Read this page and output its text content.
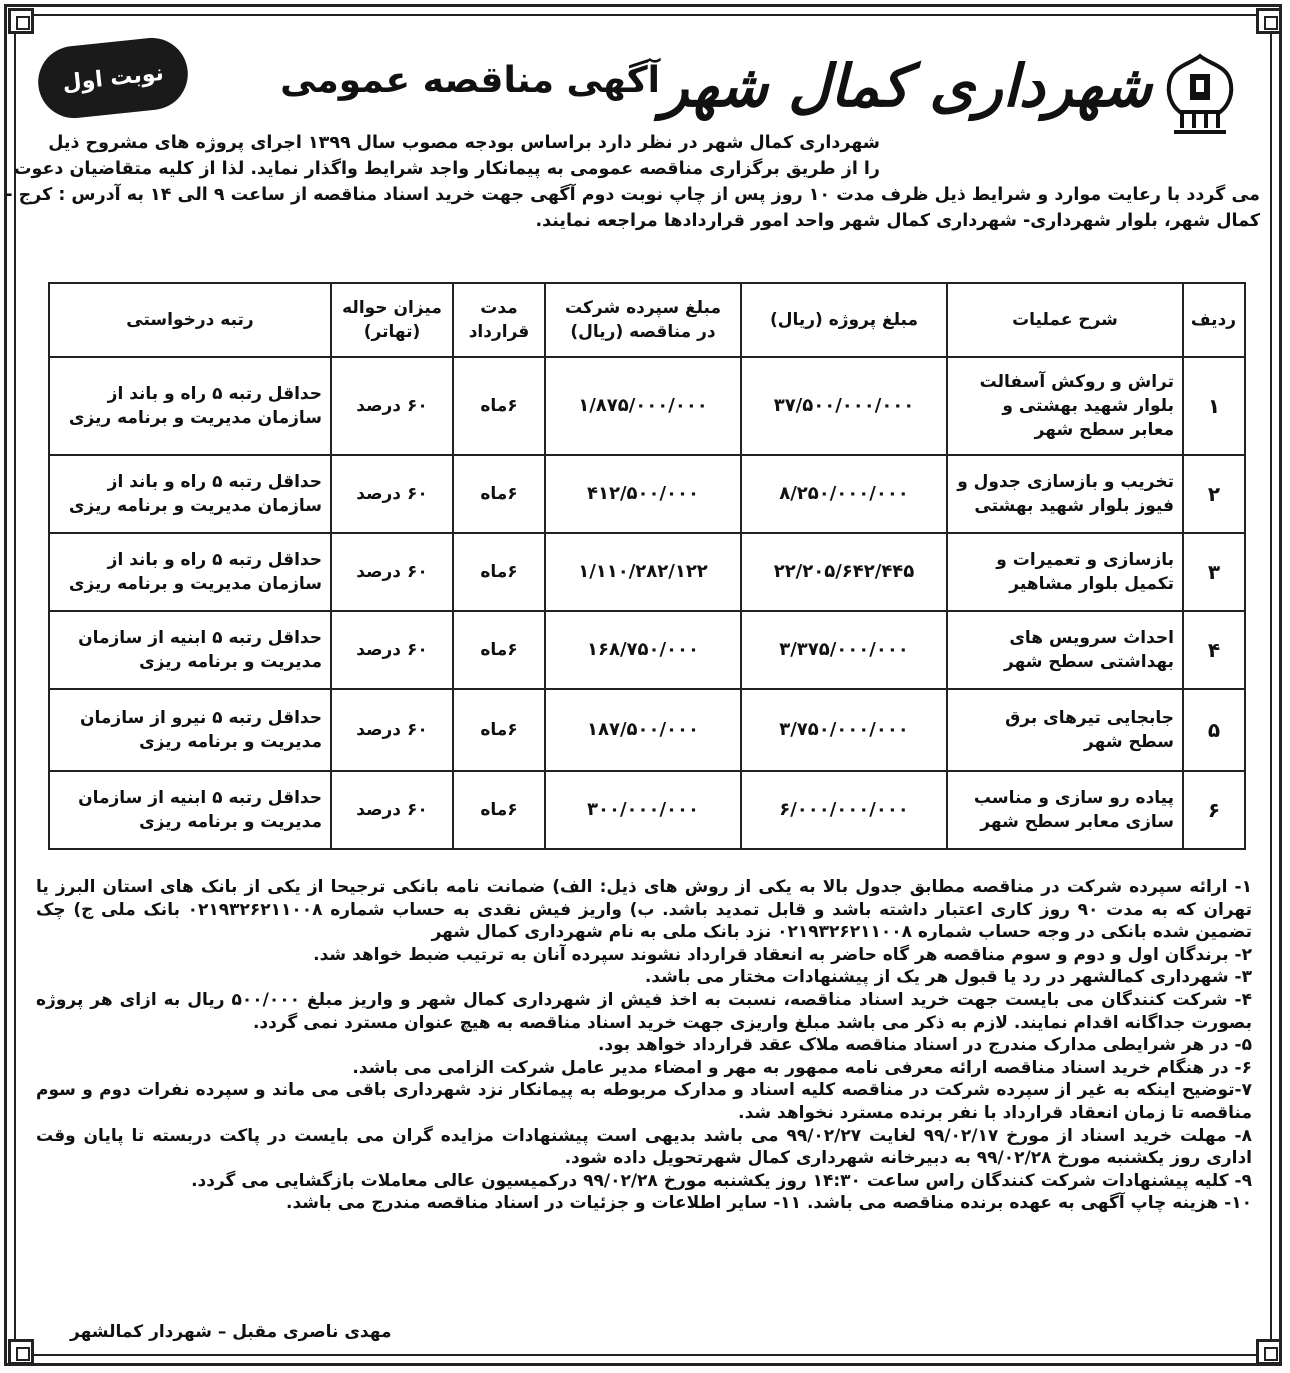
شهرداری کمال شهر
آگهی مناقصه عمومی
نوبت اول
شهرداری کمال شهر در نظر دارد براساس بودجه مصوب سال ۱۳۹۹ اجرای پروژه های مشروح ذیل
را از طریق برگزاری مناقصه عمومی به پیمانکار واجد شرایط واگذار نماید. لذا از کلیه متقاضیان دعوت
می گردد با رعایت موارد و شرایط ذیل ظرف مدت ۱۰ روز پس از چاپ نوبت دوم آگهی جهت خرید اسناد مناقصه از ساعت ۹ الی ۱۴ به آدرس : کرج -
کمال شهر، بلوار شهرداری- شهرداری کمال شهر واحد امور قراردادها مراجعه نمایند.
ردیف	شرح عملیات	مبلغ پروژه (ریال)	مبلغ سپرده شرکت در مناقصه (ریال)	مدت قرارداد	میزان حواله (تهاتر)	رتبه درخواستی
۱	تراش و روکش آسفالت بلوار شهید بهشتی و معابر سطح شهر	۳۷/۵۰۰/۰۰۰/۰۰۰	۱/۸۷۵/۰۰۰/۰۰۰	۶ماه	۶۰ درصد	حداقل رتبه ۵ راه و باند از سازمان مدیریت و برنامه ریزی
۲	تخریب و بازسازی جدول و فیوز بلوار شهید بهشتی	۸/۲۵۰/۰۰۰/۰۰۰	۴۱۲/۵۰۰/۰۰۰	۶ماه	۶۰ درصد	حداقل رتبه ۵ راه و باند از سازمان مدیریت و برنامه ریزی
۳	بازسازی و تعمیرات و تکمیل بلوار مشاهیر	۲۲/۲۰۵/۶۴۲/۴۴۵	۱/۱۱۰/۲۸۲/۱۲۲	۶ماه	۶۰ درصد	حداقل رتبه ۵ راه و باند از سازمان مدیریت و برنامه ریزی
۴	احداث سرویس های بهداشتی سطح شهر	۳/۳۷۵/۰۰۰/۰۰۰	۱۶۸/۷۵۰/۰۰۰	۶ماه	۶۰ درصد	حداقل رتبه ۵ ابنیه از سازمان مدیریت و برنامه ریزی
۵	جابجایی تیرهای برق سطح شهر	۳/۷۵۰/۰۰۰/۰۰۰	۱۸۷/۵۰۰/۰۰۰	۶ماه	۶۰ درصد	حداقل رتبه ۵ نیرو از سازمان مدیریت و برنامه ریزی
۶	پیاده رو سازی و مناسب سازی معابر سطح شهر	۶/۰۰۰/۰۰۰/۰۰۰	۳۰۰/۰۰۰/۰۰۰	۶ماه	۶۰ درصد	حداقل رتبه ۵ ابنیه از سازمان مدیریت و برنامه ریزی

۱- ارائه سپرده شرکت در مناقصه مطابق جدول بالا به یکی از روش های ذیل: الف) ضمانت نامه بانکی ترجیحا از یکی از بانک های استان البرز یا تهران که به مدت ۹۰ روز کاری اعتبار داشته باشد و قابل تمدید باشد. ب) واریز فیش نقدی به حساب شماره ۰۲۱۹۳۲۶۲۱۱۰۰۸ بانک ملی ج) چک تضمین شده بانکی در وجه حساب شماره ۰۲۱۹۳۲۶۲۱۱۰۰۸ نزد بانک ملی به نام شهرداری کمال شهر

۲- برندگان اول و دوم و سوم مناقصه هر گاه حاضر به انعقاد قرارداد نشوند سپرده آنان به ترتیب ضبط خواهد شد.

۳- شهرداری کمالشهر در رد یا قبول هر یک از پیشنهادات مختار می باشد.

۴- شرکت کنندگان می بایست جهت خرید اسناد مناقصه، نسبت به اخذ فیش از شهرداری کمال شهر و واریز مبلغ ۵۰۰/۰۰۰ ریال به ازای هر پروژه بصورت جداگانه اقدام نمایند. لازم به ذکر می باشد مبلغ واریزی جهت خرید اسناد مناقصه به هیچ عنوان مسترد نمی گردد.

۵- در هر شرایطی مدارک مندرج در اسناد مناقصه ملاک عقد قرارداد خواهد بود.

۶- در هنگام خرید اسناد مناقصه ارائه معرفی نامه ممهور به مهر و امضاء مدیر عامل شرکت الزامی می باشد.

۷-توضیح اینکه به غیر از سپرده شرکت در مناقصه کلیه اسناد و مدارک مربوطه به پیمانکار نزد شهرداری باقی می ماند و سپرده نفرات دوم و سوم مناقصه تا زمان انعقاد قرارداد با نفر برنده مسترد نخواهد شد.

۸- مهلت خرید اسناد از مورخ ۹۹/۰۲/۱۷ لغایت ۹۹/۰۲/۲۷ می باشد بدیهی است پیشنهادات مزایده گران می بایست در پاکت دربسته تا پایان وقت اداری روز یکشنبه مورخ ۹۹/۰۲/۲۸ به دبیرخانه شهرداری کمال شهرتحویل داده شود.

۹- کلیه پیشنهادات شرکت کنندگان راس ساعت ۱۴:۳۰ روز یکشنبه مورخ ۹۹/۰۲/۲۸ درکمیسیون عالی معاملات بازگشایی می گردد.

۱۰- هزینه چاپ آگهی به عهده برنده مناقصه می باشد. ۱۱- سایر اطلاعات و جزئیات در اسناد مناقصه مندرج می باشد.

مهدی ناصری مقبل – شهردار کمالشهر
